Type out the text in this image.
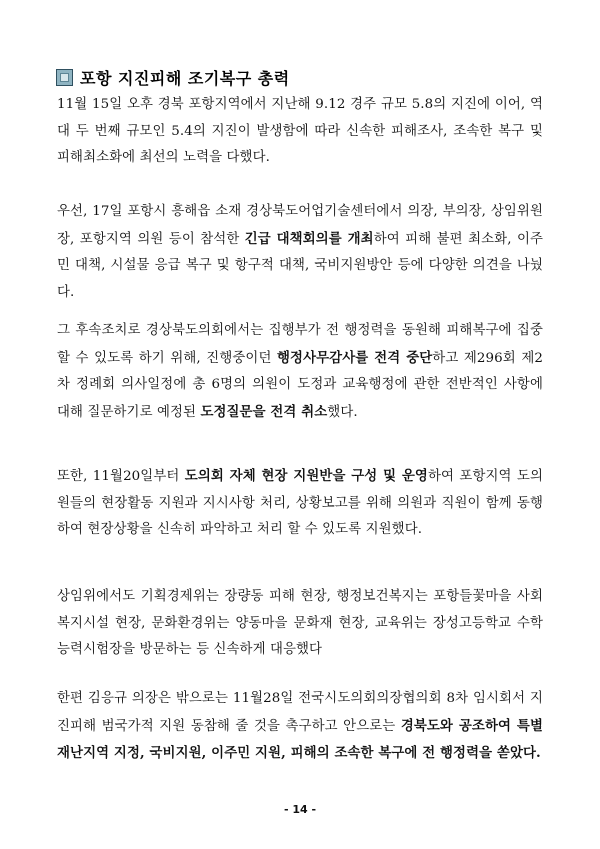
포항 지진피해 조기복구 총력

11월 15일 오후 경북 포항지역에서 지난해 9.12 경주 규모 5.8의 지진에 이어, 역대 두 번째 규모인 5.4의 지진이 발생함에 따라 신속한 피해조사, 조속한 복구 및 피해최소화에 최선의 노력을 다했다.

우선, 17일 포항시 흥해읍 소재 경상북도어업기술센터에서 의장, 부의장, 상임위원장, 포항지역 의원 등이 참석한 긴급 대책회의를 개최하여 피해 불편 최소화, 이주민 대책, 시설물 응급 복구 및 항구적 대책, 국비지원방안 등에 다양한 의견을 나눴다.

그 후속조치로 경상북도의회에서는 집행부가 전 행정력을 동원해 피해복구에 집중할 수 있도록 하기 위해, 진행중이던 행정사무감사를 전격 중단하고 제296회 제2차 정례회 의사일정에 총 6명의 의원이 도정과 교육행정에 관한 전반적인 사항에 대해 질문하기로 예정된 도정질문을 전격 취소했다.

또한, 11월20일부터 도의회 자체 현장 지원반을 구성 및 운영하여 포항지역 도의원들의 현장활동 지원과 지시사항 처리, 상황보고를 위해 의원과 직원이 함께 동행하여 현장상황을 신속히 파악하고 처리 할 수 있도록 지원했다.

상임위에서도 기획경제위는 장량동 피해 현장, 행정보건복지는 포항들꽃마을 사회복지시설 현장, 문화환경위는 양동마을 문화재 현장, 교육위는 장성고등학교 수학능력시험장을 방문하는 등 신속하게 대응했다

한편 김응규 의장은 밖으로는 11월28일 전국시도의회의장협의회 8차 임시회서 지진피해 범국가적 지원 동참해 줄 것을 촉구하고 안으로는 경북도와 공조하여 특별재난지역 지정, 국비지원, 이주민 지원, 피해의 조속한 복구에 전 행정력을 쏟았다.

- 14 -
